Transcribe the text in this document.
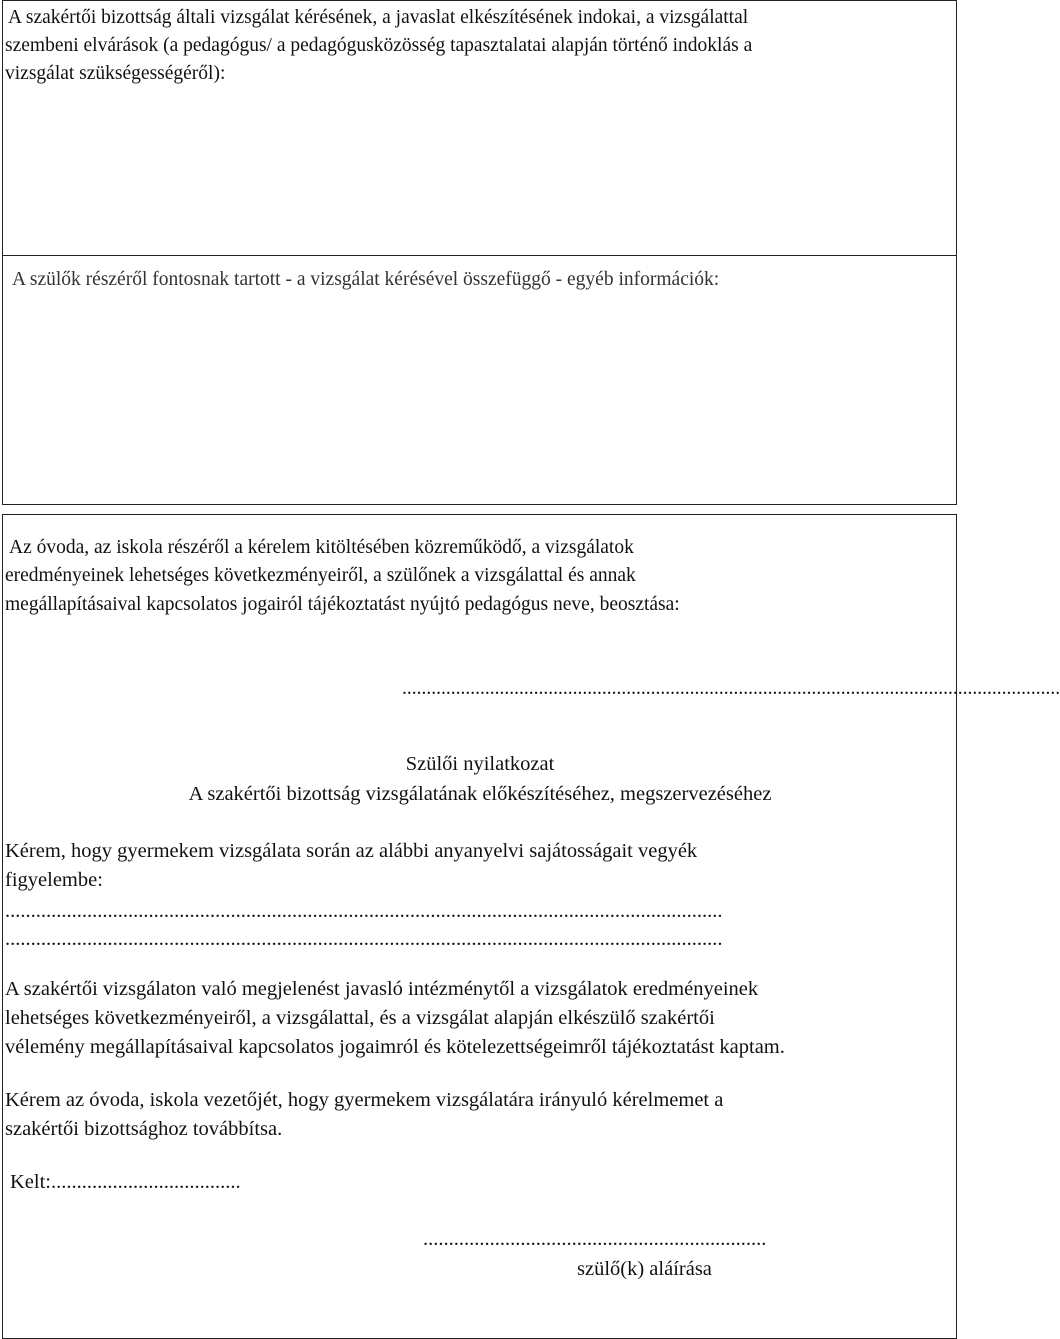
A szakértői bizottság általi vizsgálat kérésének, a javaslat elkészítésének indokai, a vizsgálattal
szembeni elvárások (a pedagógus/ a pedagógusközösség tapasztalatai alapján történő indoklás a
vizsgálat szükségességéről):
A szülők részéről fontosnak tartott - a vizsgálat kérésével összefüggő - egyéb információk:
Az óvoda, az iskola részéről a kérelem kitöltésében közreműködő, a vizsgálatok
eredményeinek lehetséges következményeiről, a szülőnek a vizsgálattal és annak
megállapításaival kapcsolatos jogairól tájékoztatást nyújtó pedagógus neve, beosztása:
.......................................................................................................................................
Szülői nyilatkozat
A szakértői bizottság vizsgálatának előkészítéséhez, megszervezéséhez
Kérem, hogy gyermekem vizsgálata során az alábbi anyanyelvi sajátosságait vegyék
figyelembe:
............................................................................................................................................
............................................................................................................................................
A szakértői vizsgálaton való megjelenést javasló intézménytől a vizsgálatok eredményeinek
lehetséges következményeiről, a vizsgálattal, és a vizsgálat alapján elkészülő szakértői
vélemény megállapításaival kapcsolatos jogaimról és kötelezettségeimről tájékoztatást kaptam.
Kérem az óvoda, iskola vezetőjét, hogy gyermekem vizsgálatára irányuló kérelmemet a
szakértői bizottsághoz továbbítsa.
Kelt:.....................................
...................................................................
szülő(k) aláírása
